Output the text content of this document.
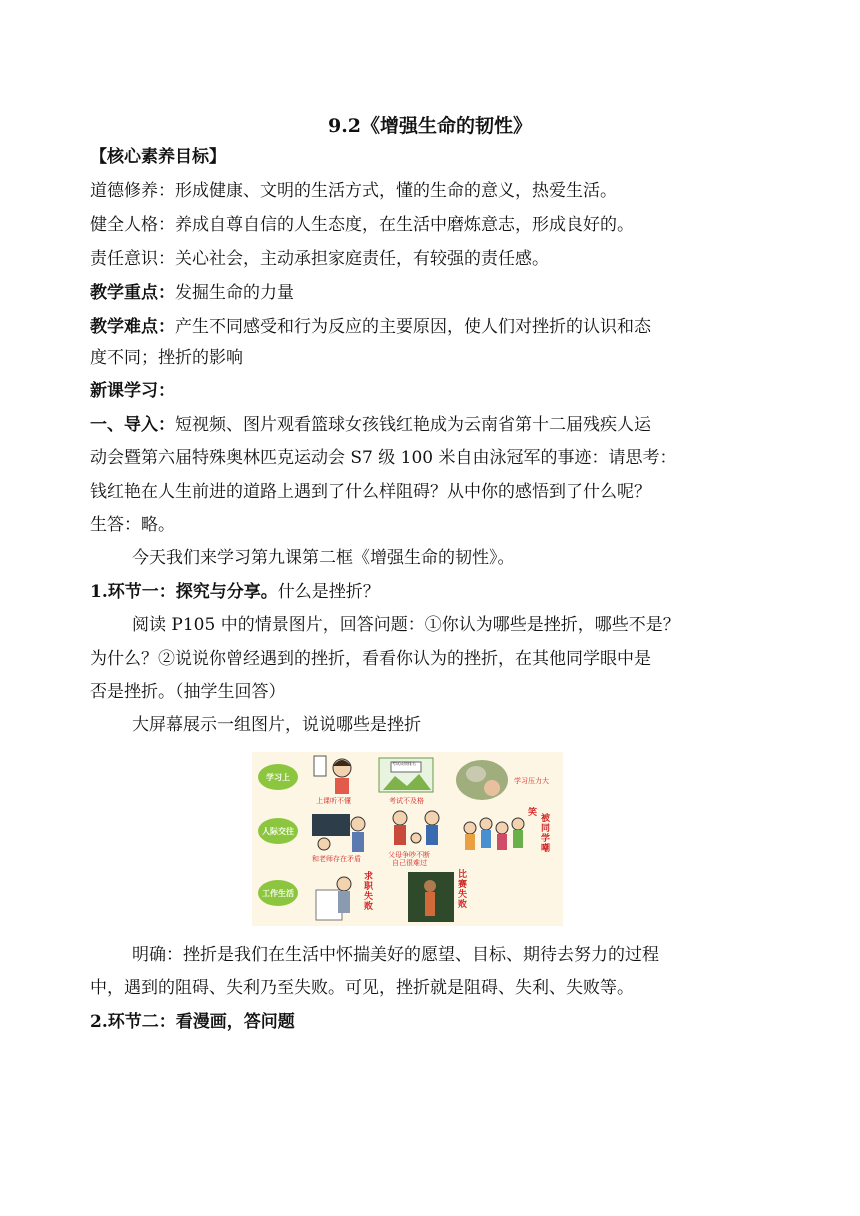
9.2《增强生命的韧性》
【核心素养目标】
道德修养：形成健康、文明的生活方式，懂的生命的意义，热爱生活。
健全人格：养成自尊自信的人生态度，在生活中磨炼意志，形成良好的。
责任意识：关心社会，主动承担家庭责任，有较强的责任感。
教学重点：发掘生命的力量
教学难点：产生不同感受和行为反应的主要原因，使人们对挫折的认识和态
度不同；挫折的影响
新课学习：
一、导入：短视频、图片观看篮球女孩钱红艳成为云南省第十二届残疾人运
动会暨第六届特殊奥林匹克运动会 S7 级 100 米自由泳冠军的事迹：请思考：
钱红艳在人生前进的道路上遇到了什么样阻碍？从中你的感悟到了什么呢？
生答：略。
今天我们来学习第九课第二框《增强生命的韧性》。
1.环节一：探究与分享。什么是挫折？
阅读 P105 中的情景图片，回答问题：①你认为哪些是挫折，哪些不是？
为什么？②说说你曾经遇到的挫折，看看你认为的挫折，在其他同学眼中是
否是挫折。（抽学生回答）
大屏幕展示一组图片，说说哪些是挫折
学习上
人际交往
工作生活
上课听不懂
考试成绩排名
考试不及格
学习压力大
和老师存在矛盾	父母争吵不断
自己很难过
笑
被同学嘲
求职失败
比赛失败
明确：挫折是我们在生活中怀揣美好的愿望、目标、期待去努力的过程
中，遇到的阻碍、失利乃至失败。可见，挫折就是阻碍、失利、失败等。
2.环节二：看漫画，答问题
